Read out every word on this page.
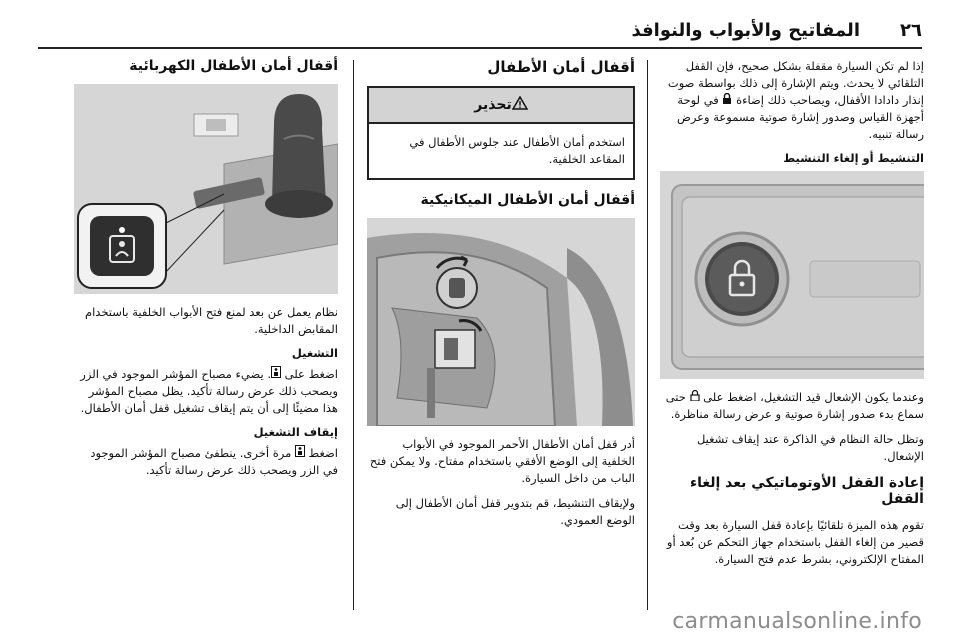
٢٦
المفاتيح والأبواب والنوافذ

إذا لم تكن السيارة مقفلة بشكل صحيح، فإن القفل التلقائي لا يحدث. ويتم الإشارة إلى ذلك بواسطة صوت إنذار دادادا الأقفال، ويصاحب ذلك إضاءة  في لوحة أجهزة القياس وصدور إشارة صوتية مسموعة وعرض رسالة تنبيه.

التنشيط أو إلغاء التنشيط

وعندما يكون الإشعال قيد التشغيل، اضغط على  حتى سماع بدء صدور إشارة صوتية و عرض رسالة مناظرة.

وتظل حالة النظام في الذاكرة عند إيقاف تشغيل الإشعال.

إعادة القفل الأوتوماتيكي بعد إلغاء القفل

تقوم هذه الميزة تلقائيًا بإعادة قفل السيارة بعد وقت قصير من إلغاء القفل باستخدام جهاز التحكم عن بُعد أو المفتاح الإلكتروني، بشرط عدم فتح السيارة.

أقفال أمان الأطفال
تحذير
استخدم أمان الأطفال عند جلوس الأطفال في المقاعد الخلفية.
أقفال أمان الأطفال الميكانيكية

أدر قفل أمان الأطفال الأحمر الموجود في الأبواب الخلفية إلى الوضع الأفقي باستخدام مفتاح. ولا يمكن فتح الباب من داخل السيارة.

ولإيقاف التنشيط، قم بتدوير قفل أمان الأطفال إلى الوضع العمودي.

أقفال أمان الأطفال الكهربائية

نظام يعمل عن بعد لمنع فتح الأبواب الخلفية باستخدام المقابض الداخلية.

التشغيل

اضغط على . يضيء مصباح المؤشر الموجود في الزر ويصحب ذلك عرض رسالة تأكيد. يظل مصباح المؤشر هذا مضيئًا إلى أن يتم إيقاف تشغيل قفل أمان الأطفال.

إيقاف التشغيل

اضغط  مرة أخرى. ينطفئ مصباح المؤشر الموجود في الزر ويصحب ذلك عرض رسالة تأكيد.

carmanualsonline.info
